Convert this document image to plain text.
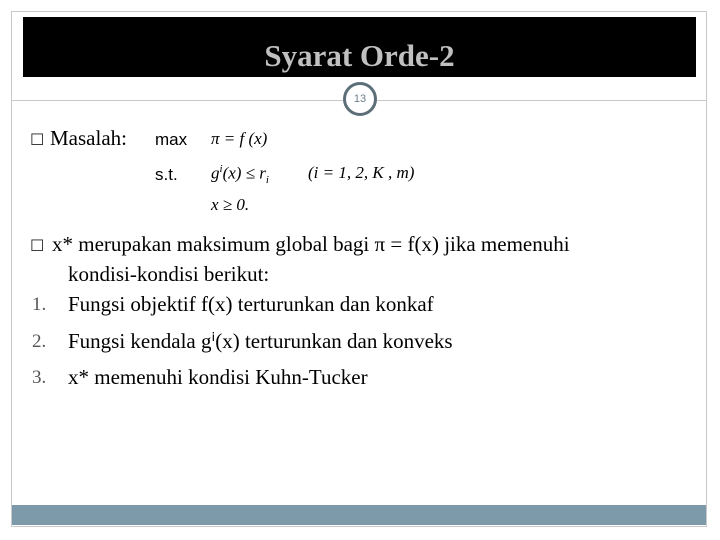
Syarat Orde-2
13
☐ Masalah: max π = f (x)
s.t. $g^i(x) \le r_i$ (i = 1, 2, K , m)
x ≥ 0.
☐ x* merupakan maksimum global bagi π = f(x) jika memenuhi
kondisi-kondisi berikut:
1. Fungsi objektif f(x) terturunkan dan konkaf
2. Fungsi kendala gⁱ(x) terturunkan dan konveks
3. x* memenuhi kondisi Kuhn-Tucker
